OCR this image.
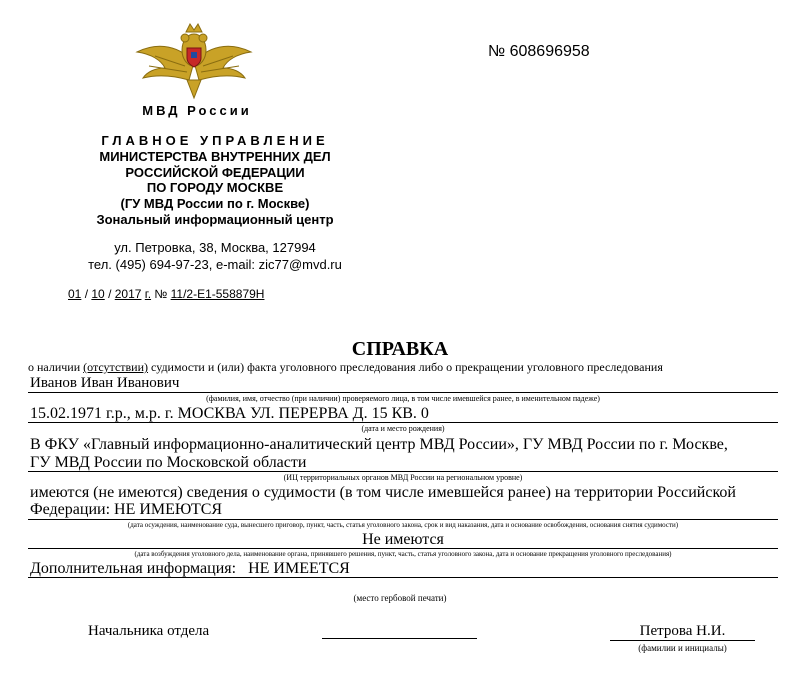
МВД России
№ 608696958
ГЛАВНОЕ УПРАВЛЕНИЕ
МИНИСТЕРСТВА ВНУТРЕННИХ ДЕЛ
РОССИЙСКОЙ ФЕДЕРАЦИИ
ПО ГОРОДУ МОСКВЕ
(ГУ МВД России по г. Москве)
Зональный информационный центр
ул. Петровка, 38, Москва, 127994
тел. (495) 694-97-23, e-mail: zic77@mvd.ru
01 / 10 / 2017 г. № 11/2-Е1-558879Н
СПРАВКА
о наличии (отсутствии) судимости и (или) факта уголовного преследования либо о прекращении уголовного преследования
Иванов Иван Иванович
(фамилия, имя, отчество (при наличии) проверяемого лица, в том числе имевшейся ранее, в именительном падеже)
15.02.1971 г.р., м.р. г. МОСКВА УЛ. ПЕРЕРВА Д. 15 КВ. 0
(дата и место рождения)
В ФКУ «Главный информационно-аналитический центр МВД России», ГУ МВД России по г. Москве,
ГУ МВД России по Московской области
(ИЦ территориальных органов МВД России на региональном уровне)
имеются (не имеются) сведения о судимости (в том числе имевшейся ранее) на территории Российской
Федерации: НЕ ИМЕЮТСЯ
(дата осуждения, наименование суда, вынесшего приговор, пункт, часть, статья уголовного закона, срок и вид наказания, дата и основание освобождения, основания снятия судимости)
Не имеются
(дата возбуждения уголовного дела, наименование органа, принявшего решения, пункт, часть, статья уголовного закона, дата и основание прекращения уголовного преследования)
Дополнительная информация: НЕ ИМЕЕТСЯ
(место гербовой печати)
Начальника отдела	Петрова Н.И.
(фамилии и инициалы)
